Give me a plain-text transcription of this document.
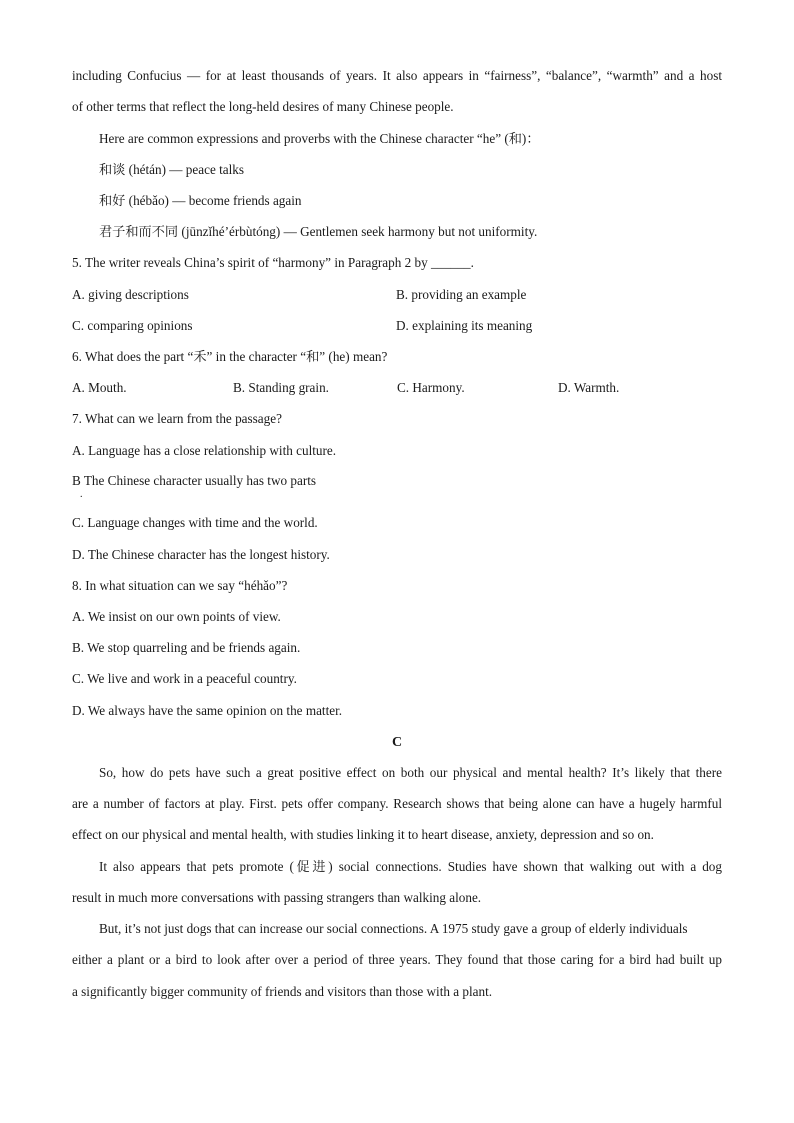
including Confucius — for at least thousands of years. It also appears in “fairness”, “balance”, “warmth” and a host
of other terms that reflect the long-held desires of many Chinese people.
Here are common expressions and proverbs with the Chinese character “he” (和)：
和谈 (hétán) — peace talks
和好 (hébǎo) — become friends again
君子和而不同 (jūnzǐhé’érbùtóng) — Gentlemen seek harmony but not uniformity.
5. The writer reveals China’s spirit of “harmony” in Paragraph 2 by ______.
A. giving descriptions	B. providing an example
C. comparing opinions	D. explaining its meaning
6. What does the part “禾” in the character “和” (he) mean?
A. Mouth.	B. Standing grain.	C. Harmony.	D. Warmth.
7. What can we learn from the passage?
A. Language has a close relationship with culture.
B The Chinese character usually has two parts
.
C. Language changes with time and the world.
D. The Chinese character has the longest history.
8. In what situation can we say “héhǎo”?
A. We insist on our own points of view.
B. We stop quarreling and be friends again.
C. We live and work in a peaceful country.
D. We always have the same opinion on the matter.
C
So, how do pets have such a great positive effect on both our physical and mental health? It’s likely that there
are a number of factors at play. First. pets offer company. Research shows that being alone can have a hugely harmful
effect on our physical and mental health, with studies linking it to heart disease, anxiety, depression and so on.
It also appears that pets promote (促进) social connections. Studies have shown that walking out with a dog
result in much more conversations with passing strangers than walking alone.
But, it’s not just dogs that can increase our social connections. A 1975 study gave a group of elderly individuals
either a plant or a bird to look after over a period of three years. They found that those caring for a bird had built up
a significantly bigger community of friends and visitors than those with a plant.
